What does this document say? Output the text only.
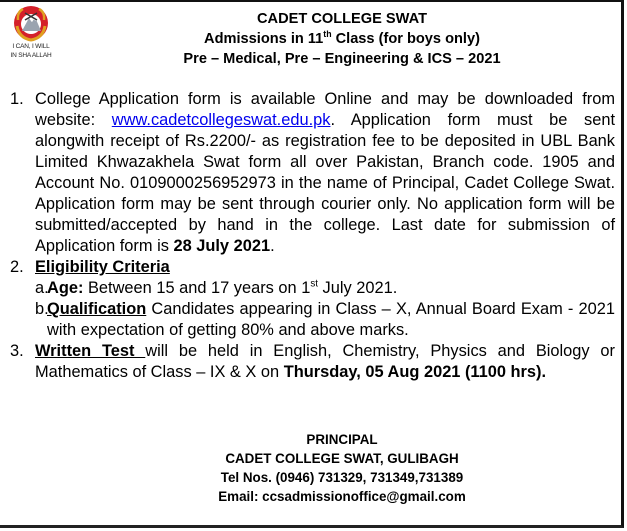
I CAN, I WILL
IN SHA ALLAH
CADET COLLEGE SWAT
Admissions in 11th Class (for boys only)
Pre – Medical, Pre – Engineering & ICS – 2021
1. College Application form is available Online and may be downloaded from website: www.cadetcollegeswat.edu.pk. Application form must be sent alongwith receipt of Rs.2200/- as registration fee to be deposited in UBL Bank Limited Khwazakhela Swat form all over Pakistan, Branch code. 1905 and Account No. 0109000256952973 in the name of Principal, Cadet College Swat. Application form may be sent through courier only. No application form will be submitted/accepted by hand in the college. Last date for submission of Application form is 28 July 2021.
2. Eligibility Criteria
a.
Age: Between 15 and 17 years on 1st July 2021.
b.
Qualification Candidates appearing in Class – X, Annual Board Exam - 2021 with expectation of getting 80% and above marks.
3. Written Test will be held in English, Chemistry, Physics and Biology or Mathematics of Class – IX & X on Thursday, 05 Aug 2021 (1100 hrs).
PRINCIPAL
CADET COLLEGE SWAT, GULIBAGH
Tel Nos. (0946) 731329, 731349,731389
Email: ccsadmissionoffice@gmail.com
